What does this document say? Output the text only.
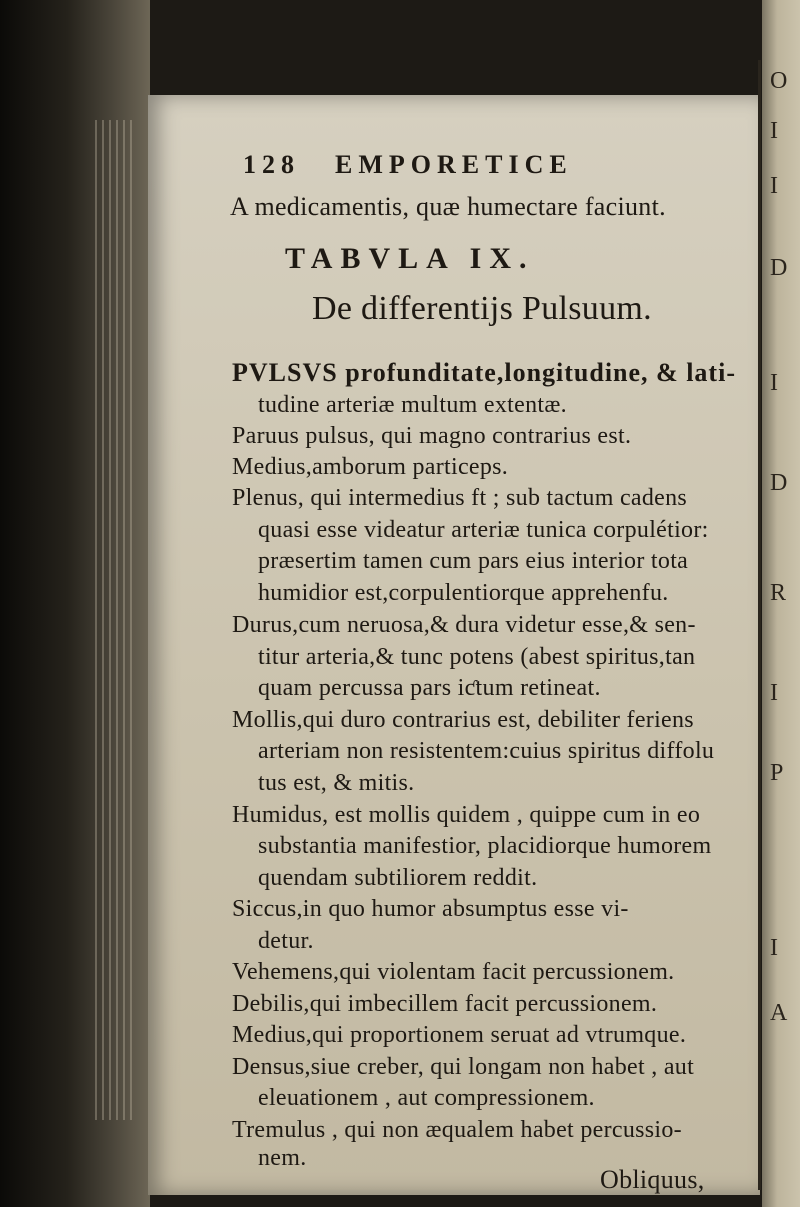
O
I
I
D
I
D
R
I
P
I
A
128 EMPORETICE
A medicamentis, quæ humectare faciunt.
TABVLA IX.
De differentijs Pulsuum.
PVLSVS profunditate,longitudine, & lati-
tudine arteriæ multum extentæ.
Paruus pulsus, qui magno contrarius est.
Medius,amborum particeps.
Plenus, qui intermedius ft ; sub tactum cadens
quasi esse videatur arteriæ tunica corpulétior:
præsertim tamen cum pars eius interior tota
humidior est,corpulentiorque apprehenfu.
Durus,cum neruosa,& dura videtur esse,& sen-
titur arteria,& tunc potens (abest spiritus,tan
quam percussa pars iƈtum retineat.
Mollis,qui duro contrarius est, debiliter feriens
arteriam non resistentem:cuius spiritus diffolu
tus est, & mitis.
Humidus, est mollis quidem , quippe cum in eo
substantia manifestior, placidiorque humorem
quendam subtiliorem reddit.
Siccus,in quo humor absumptus esse vi-
detur.
Vehemens,qui violentam facit percussionem.
Debilis,qui imbecillem facit percussionem.
Medius,qui proportionem seruat ad vtrumque.
Densus,siue creber, qui longam non habet , aut
eleuationem , aut compressionem.
Tremulus , qui non æqualem habet percussio-
nem.
Obliquus,
